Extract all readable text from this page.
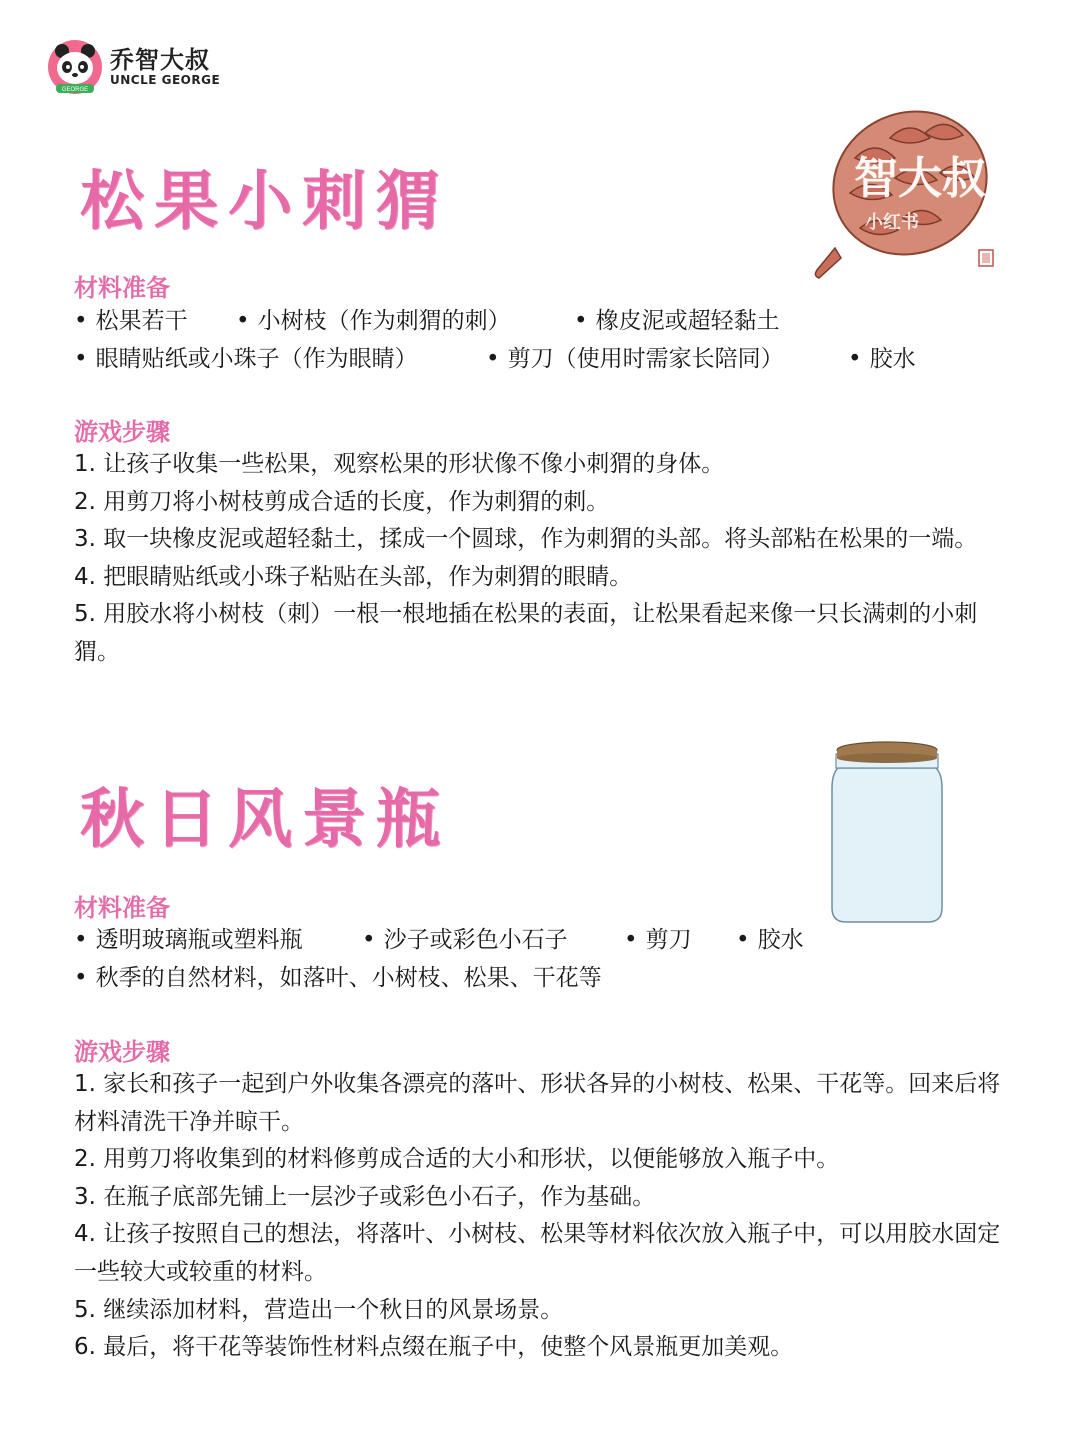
GEORGE
乔智大叔
UNCLE GEORGE
松果小刺猬	智大叔
小红书
材料准备
• 松果若干	• 小树枝（作为刺猬的刺）	• 橡皮泥或超轻黏土
• 眼睛贴纸或小珠子（作为眼睛）	• 剪刀（使用时需家长陪同）	• 胶水
游戏步骤

1. 让孩子收集一些松果，观察松果的形状像不像小刺猬的身体。

2. 用剪刀将小树枝剪成合适的长度，作为刺猬的刺。

3. 取一块橡皮泥或超轻黏土，揉成一个圆球，作为刺猬的头部。将头部粘在松果的一端。

4. 把眼睛贴纸或小珠子粘贴在头部，作为刺猬的眼睛。

5. 用胶水将小树枝（刺）一根一根地插在松果的表面，让松果看起来像一只长满刺的小刺猬。

秋日风景瓶
材料准备
• 透明玻璃瓶或塑料瓶	• 沙子或彩色小石子	• 剪刀	• 胶水
• 秋季的自然材料，如落叶、小树枝、松果、干花等
游戏步骤

1. 家长和孩子一起到户外收集各漂亮的落叶、形状各异的小树枝、松果、干花等。回来后将材料清洗干净并晾干。

2. 用剪刀将收集到的材料修剪成合适的大小和形状，以便能够放入瓶子中。

3. 在瓶子底部先铺上一层沙子或彩色小石子，作为基础。

4. 让孩子按照自己的想法，将落叶、小树枝、松果等材料依次放入瓶子中，可以用胶水固定一些较大或较重的材料。

5. 继续添加材料，营造出一个秋日的风景场景。

6. 最后，将干花等装饰性材料点缀在瓶子中，使整个风景瓶更加美观。
